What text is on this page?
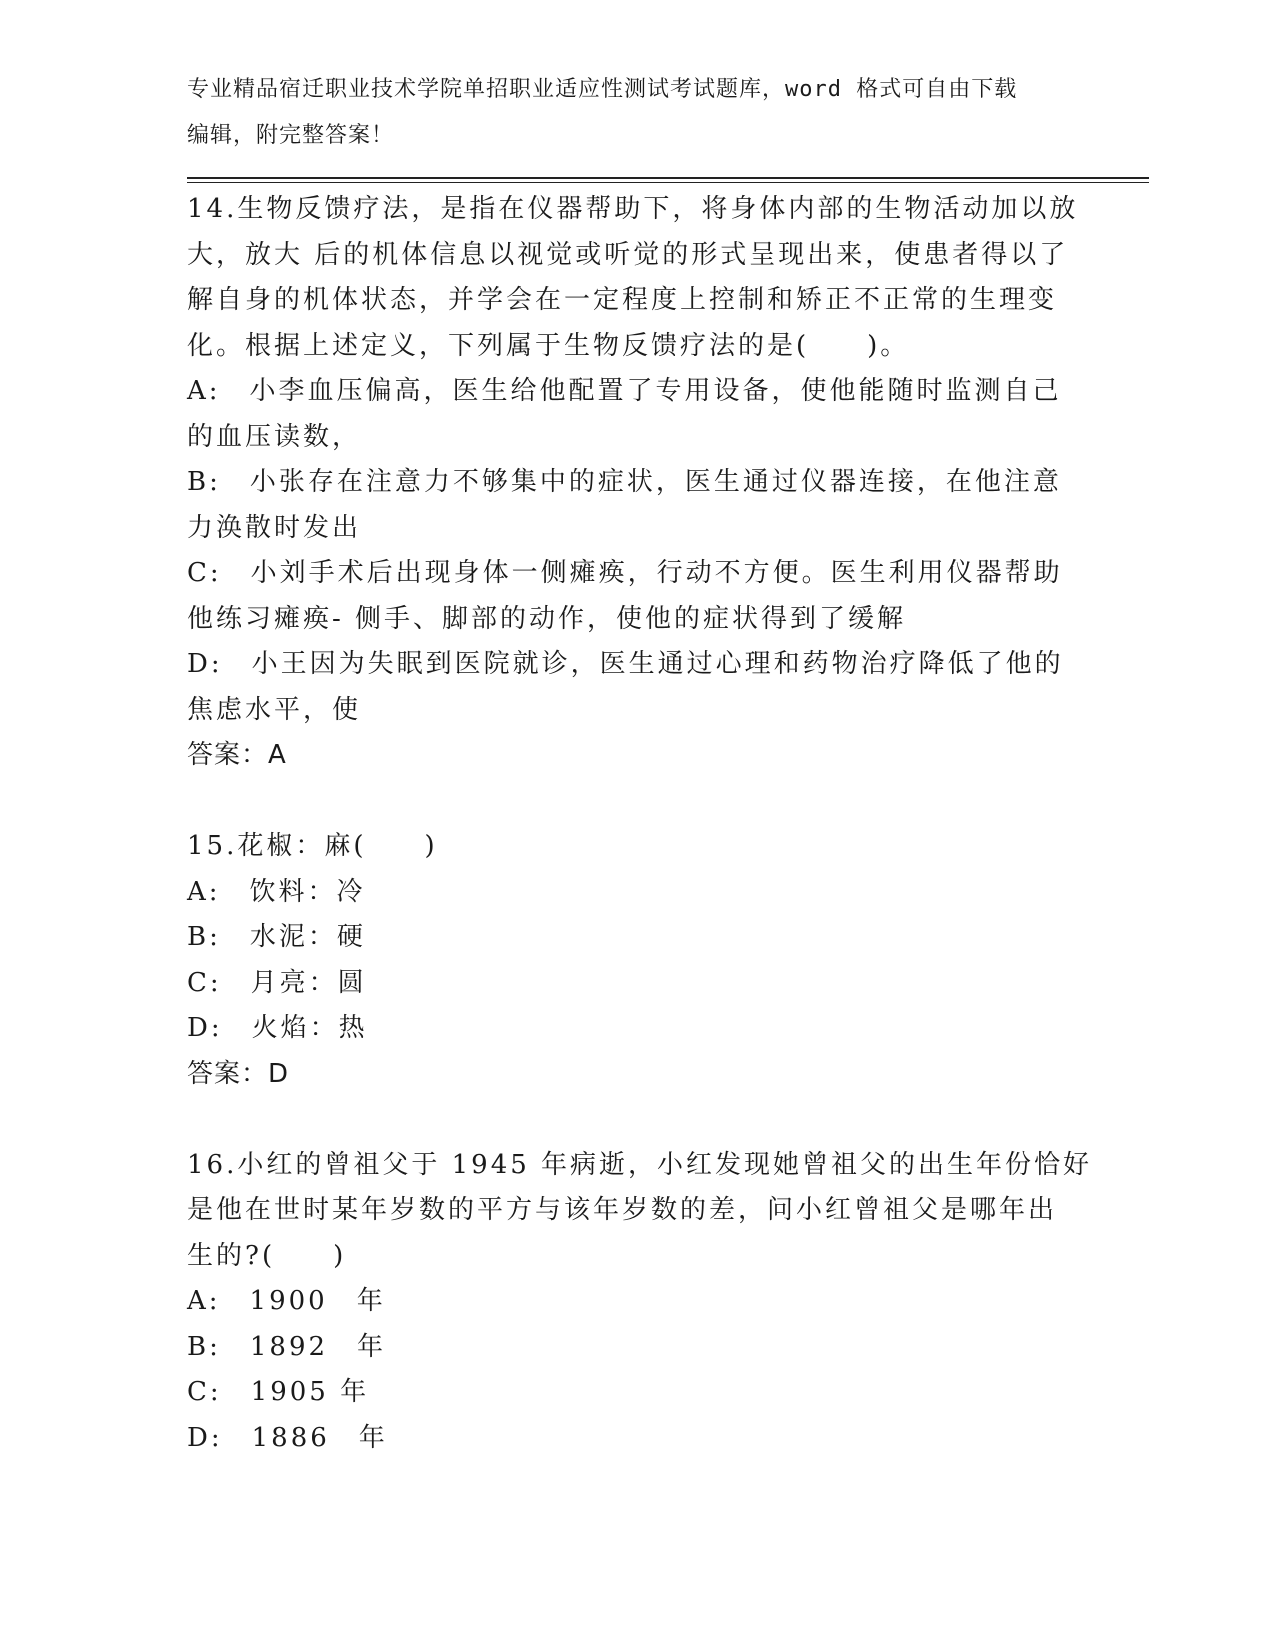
专业精品宿迁职业技术学院单招职业适应性测试考试题库，word 格式可自由下载
编辑，附完整答案！
14.生物反馈疗法，是指在仪器帮助下，将身体内部的生物活动加以放
大，放大 后的机体信息以视觉或听觉的形式呈现出来，使患者得以了
解自身的机体状态，并学会在一定程度上控制和矫正不正常的生理变
化。根据上述定义，下列属于生物反馈疗法的是(　　)。
A:　小李血压偏高，医生给他配置了专用设备，使他能随时监测自己
的血压读数，
B:　小张存在注意力不够集中的症状，医生通过仪器连接，在他注意
力涣散时发出
C:　小刘手术后出现身体一侧瘫痪，行动不方便。医生利用仪器帮助
他练习瘫痪- 侧手、脚部的动作，使他的症状得到了缓解
D:　小王因为失眠到医院就诊，医生通过心理和药物治疗降低了他的
焦虑水平，使
答案：A
15.花椒：麻(　　)
A:　饮料：冷
B:　水泥：硬
C:　月亮：圆
D:　火焰：热
答案：D
16.小红的曾祖父于 1945 年病逝，小红发现她曾祖父的出生年份恰好
是他在世时某年岁数的平方与该年岁数的差，问小红曾祖父是哪年出
生的?(　　)
A:　1900　年
B:　1892　年
C:　1905 年
D:　1886　年
